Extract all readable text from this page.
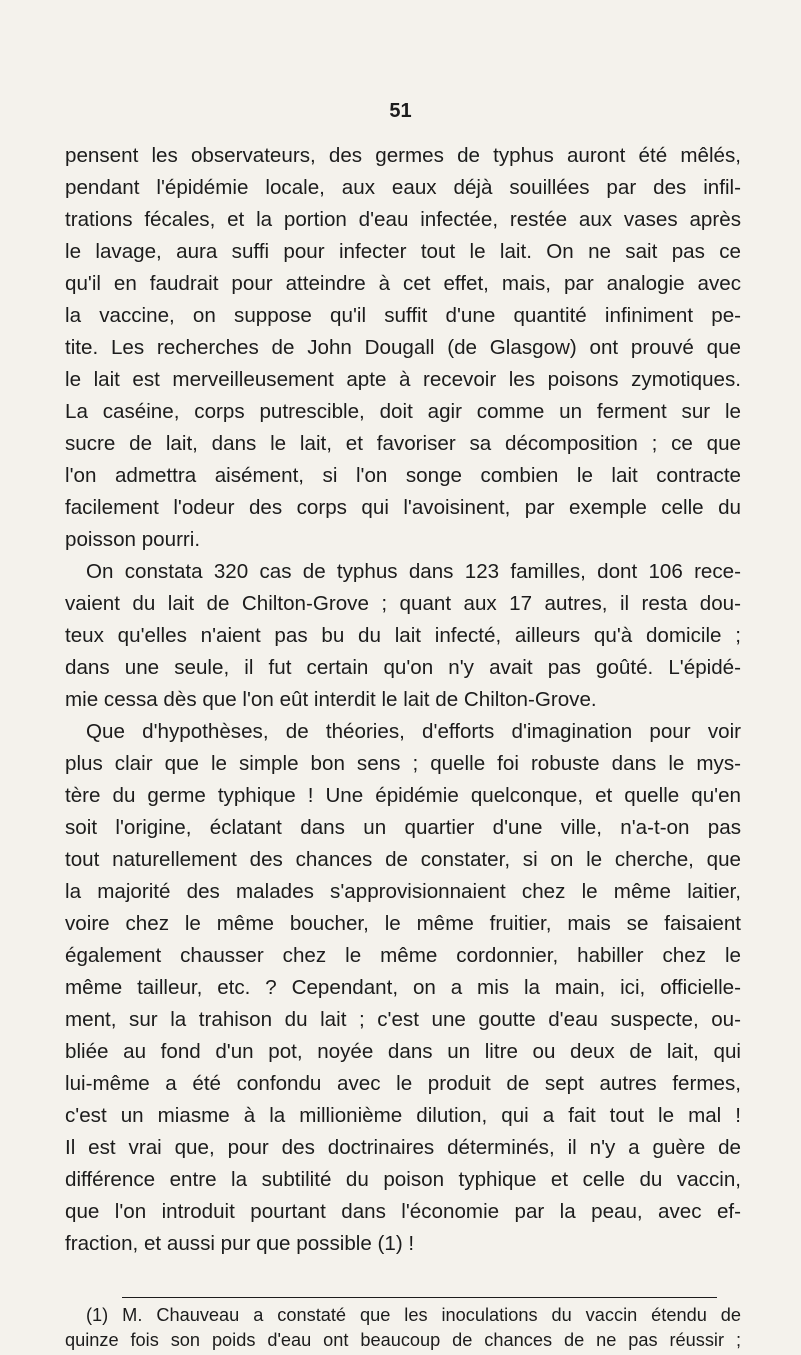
51
pensent les observateurs, des germes de typhus auront été mêlés,
pendant l'épidémie locale, aux eaux déjà souillées par des infil-
trations fécales, et la portion d'eau infectée, restée aux vases après
le lavage, aura suffi pour infecter tout le lait. On ne sait pas ce
qu'il en faudrait pour atteindre à cet effet, mais, par analogie avec
la vaccine, on suppose qu'il suffit d'une quantité infiniment pe-
tite. Les recherches de John Dougall (de Glasgow) ont prouvé que
le lait est merveilleusement apte à recevoir les poisons zymotiques.
La caséine, corps putrescible, doit agir comme un ferment sur le
sucre de lait, dans le lait, et favoriser sa décomposition ; ce que
l'on admettra aisément, si l'on songe combien le lait contracte
facilement l'odeur des corps qui l'avoisinent, par exemple celle du
poisson pourri.
On constata 320 cas de typhus dans 123 familles, dont 106 rece-
vaient du lait de Chilton-Grove ; quant aux 17 autres, il resta dou-
teux qu'elles n'aient pas bu du lait infecté, ailleurs qu'à domicile ;
dans une seule, il fut certain qu'on n'y avait pas goûté. L'épidé-
mie cessa dès que l'on eût interdit le lait de Chilton-Grove.
Que d'hypothèses, de théories, d'efforts d'imagination pour voir
plus clair que le simple bon sens ; quelle foi robuste dans le mys-
tère du germe typhique ! Une épidémie quelconque, et quelle qu'en
soit l'origine, éclatant dans un quartier d'une ville, n'a-t-on pas
tout naturellement des chances de constater, si on le cherche, que
la majorité des malades s'approvisionnaient chez le même laitier,
voire chez le même boucher, le même fruitier, mais se faisaient
également chausser chez le même cordonnier, habiller chez le
même tailleur, etc. ? Cependant, on a mis la main, ici, officielle-
ment, sur la trahison du lait ; c'est une goutte d'eau suspecte, ou-
bliée au fond d'un pot, noyée dans un litre ou deux de lait, qui
lui-même a été confondu avec le produit de sept autres fermes,
c'est un miasme à la millionième dilution, qui a fait tout le mal !
Il est vrai que, pour des doctrinaires déterminés, il n'y a guère de
différence entre la subtilité du poison typhique et celle du vaccin,
que l'on introduit pourtant dans l'économie par la peau, avec ef-
fraction, et aussi pur que possible (1) !
(1) M. Chauveau a constaté que les inoculations du vaccin étendu de
quinze fois son poids d'eau ont beaucoup de chances de ne pas réussir ;
